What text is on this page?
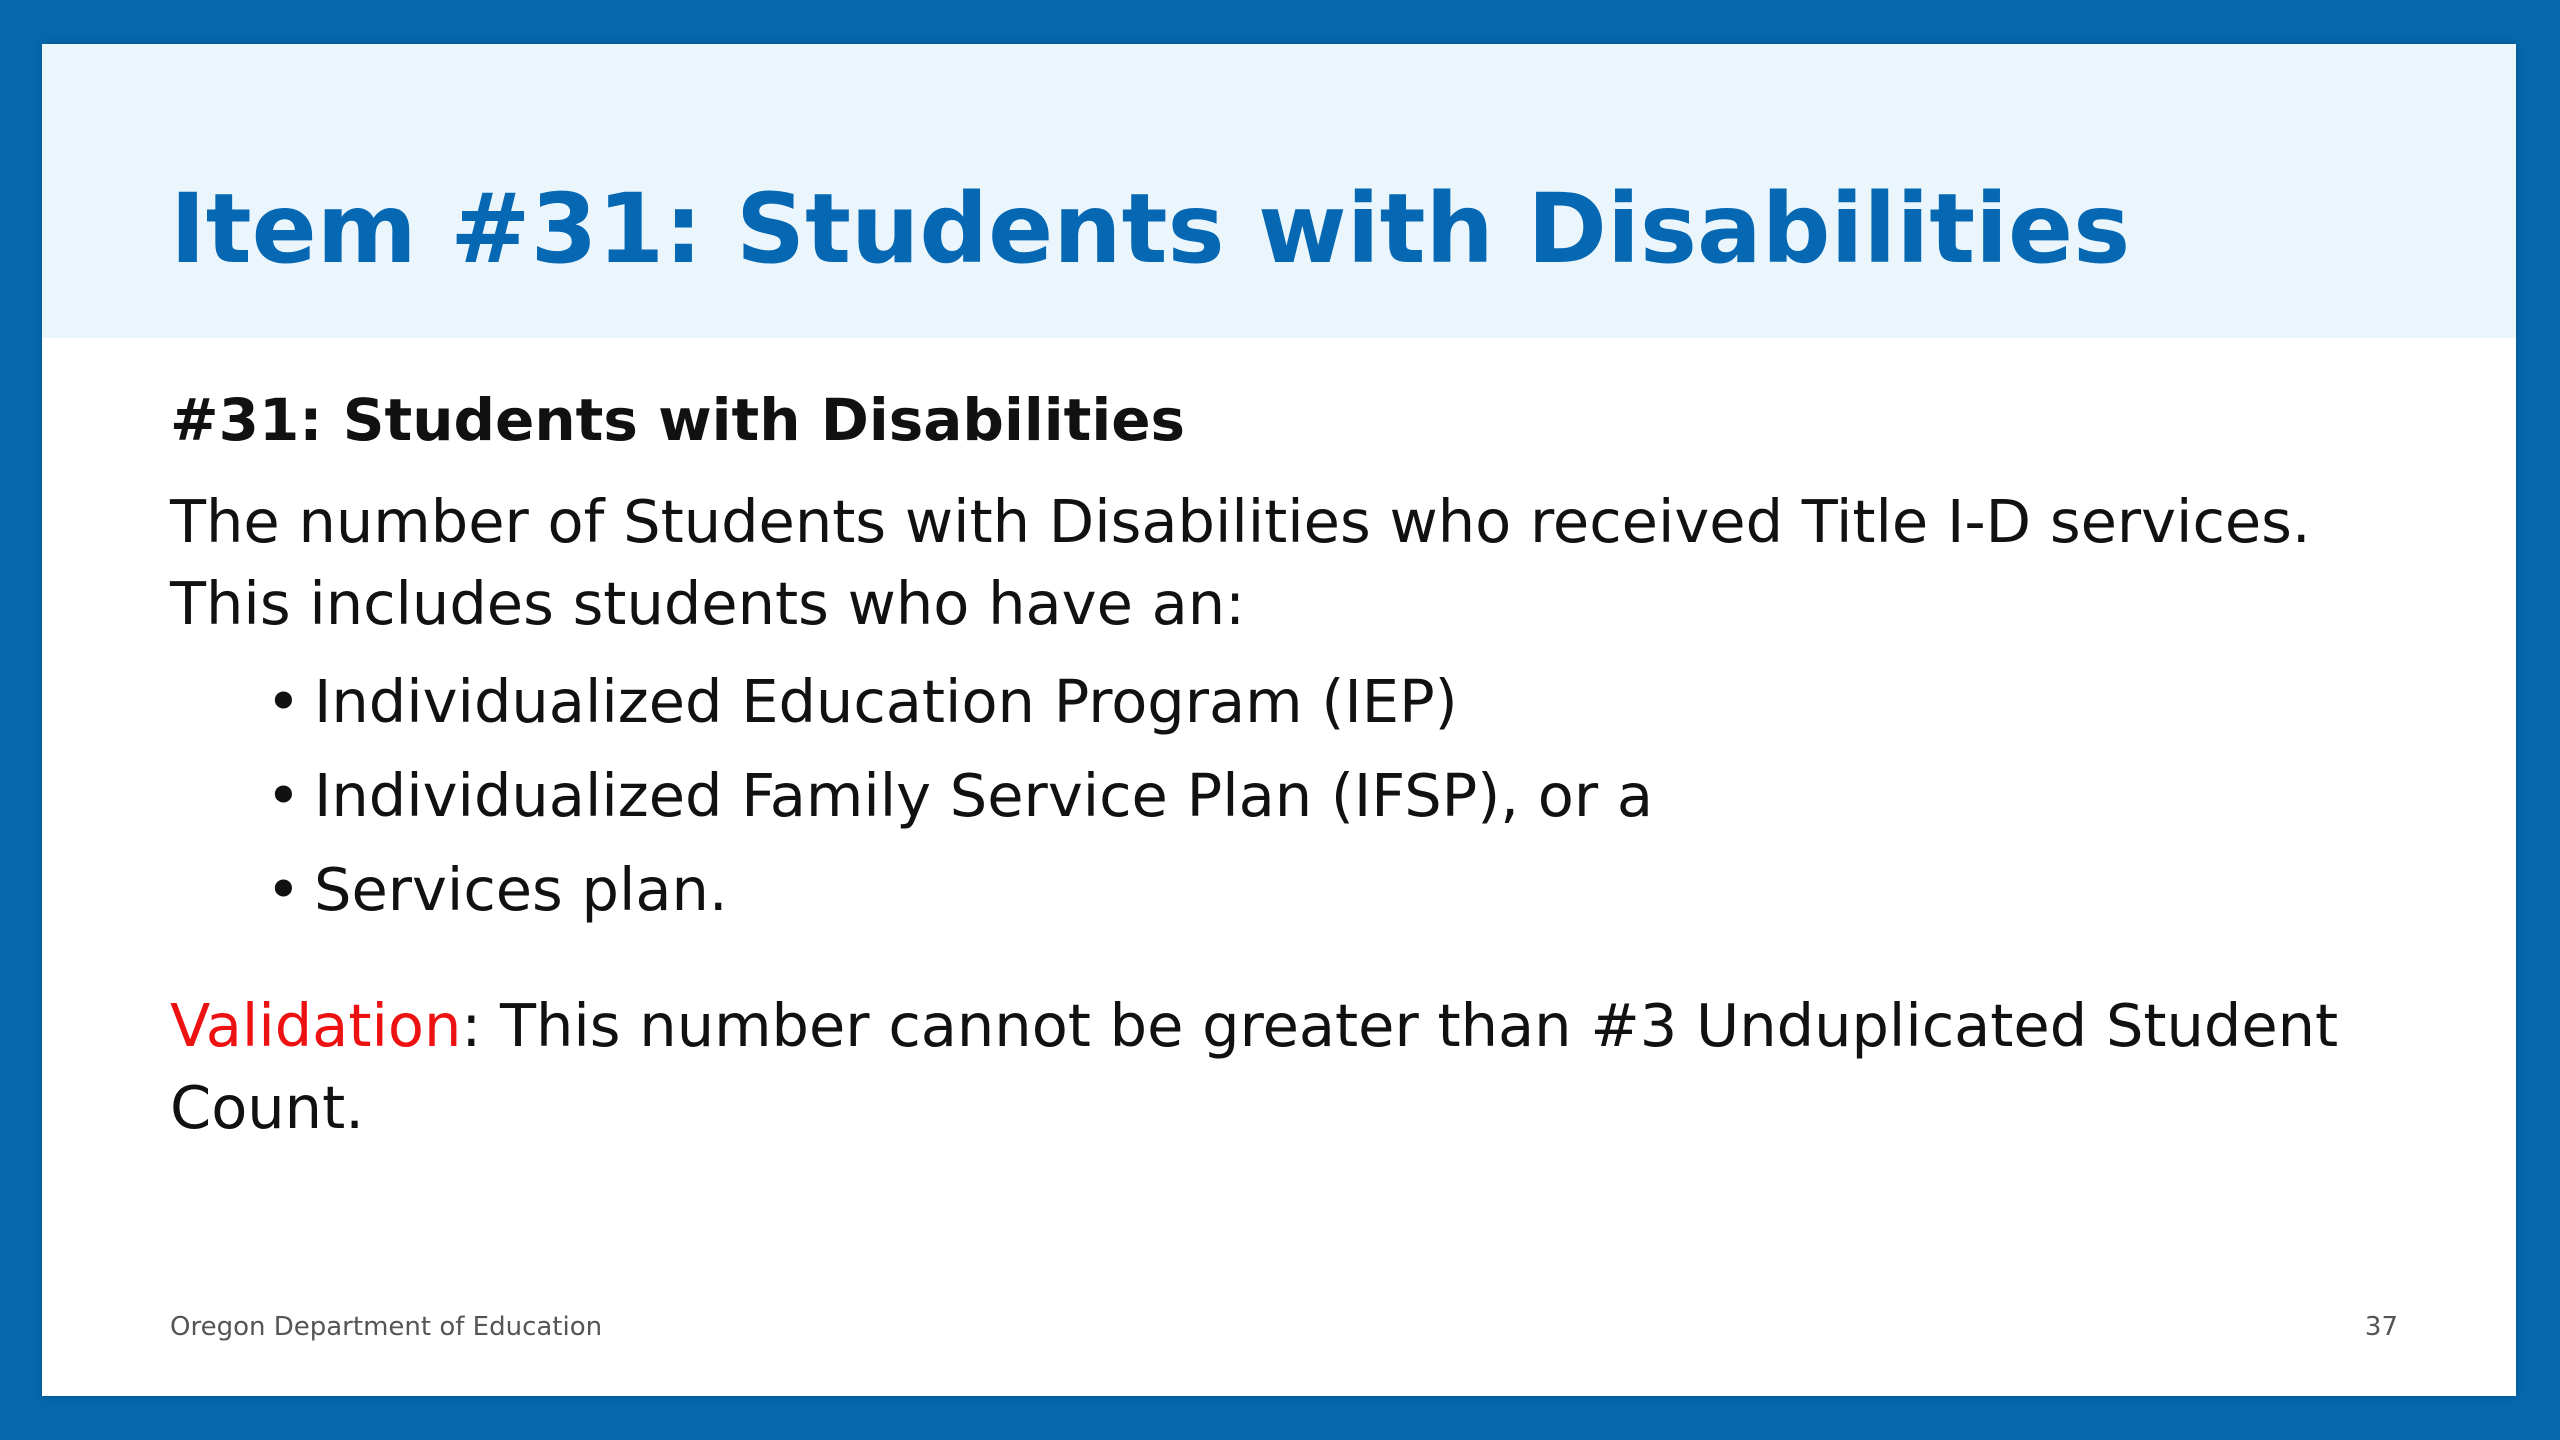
Item #31: Students with Disabilities
#31: Students with Disabilities

The number of Students with Disabilities who received Title I-D services.
This includes students who have an:

• Individualized Education Program (IEP)
• Individualized Family Service Plan (IFSP), or a
• Services plan.

Validation: This number cannot be greater than #3 Unduplicated Student Count.

Oregon Department of Education	37
